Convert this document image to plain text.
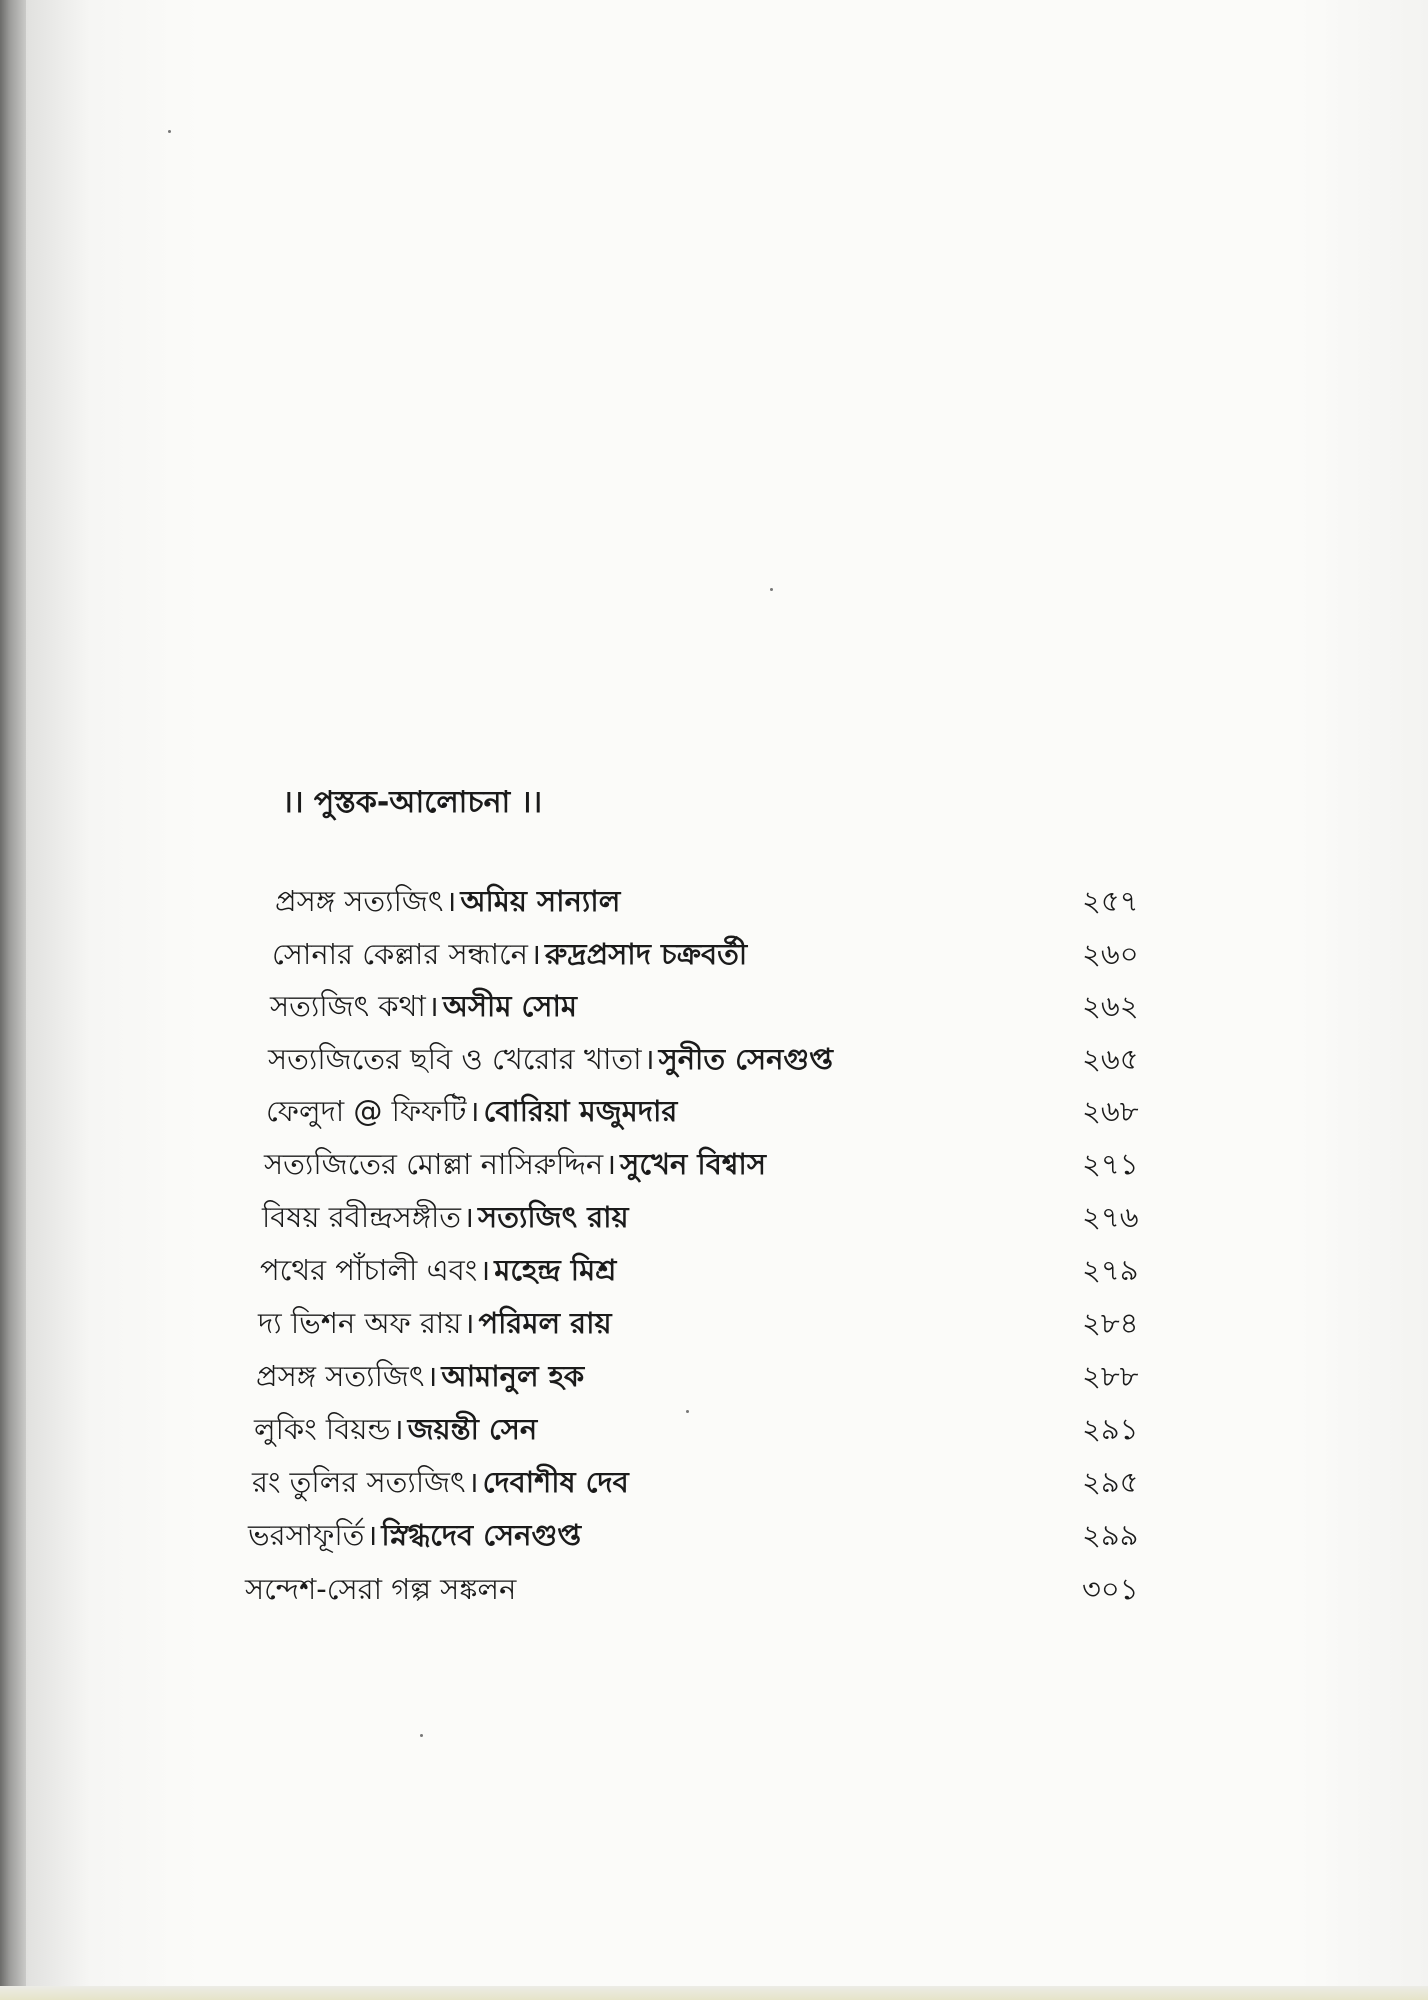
।। পুস্তক-আলোচনা ।।
প্রসঙ্গ সত্যজিৎ। অমিয় সান্যাল	২৫৭
সোনার কেল্লার সন্ধানে। রুদ্রপ্রসাদ চক্রবর্তী	২৬০
সত্যজিৎ কথা। অসীম সোম	২৬২
সত্যজিতের ছবি ও খেরোর খাতা। সুনীত সেনগুপ্ত	২৬৫
ফেলুদা @ ফিফটি। বোরিয়া মজুমদার	২৬৮
সত্যজিতের মোল্লা নাসিরুদ্দিন। সুখেন বিশ্বাস	২৭১
বিষয় রবীন্দ্রসঙ্গীত। সত্যজিৎ রায়	২৭৬
পথের পাঁচালী এবং। মহেন্দ্র মিশ্র	২৭৯
দ্য ভিশন অফ রায়। পরিমল রায়	২৮৪
প্রসঙ্গ সত্যজিৎ। আমানুল হক	২৮৮
লুকিং বিয়ন্ড। জয়ন্তী সেন	২৯১
রং তুলির সত্যজিৎ। দেবাশীষ দেব	২৯৫
ভরসাফূর্তি। স্নিগ্ধদেব সেনগুপ্ত	২৯৯
সন্দেশ-সেরা গল্প সঙ্কলন	৩০১
